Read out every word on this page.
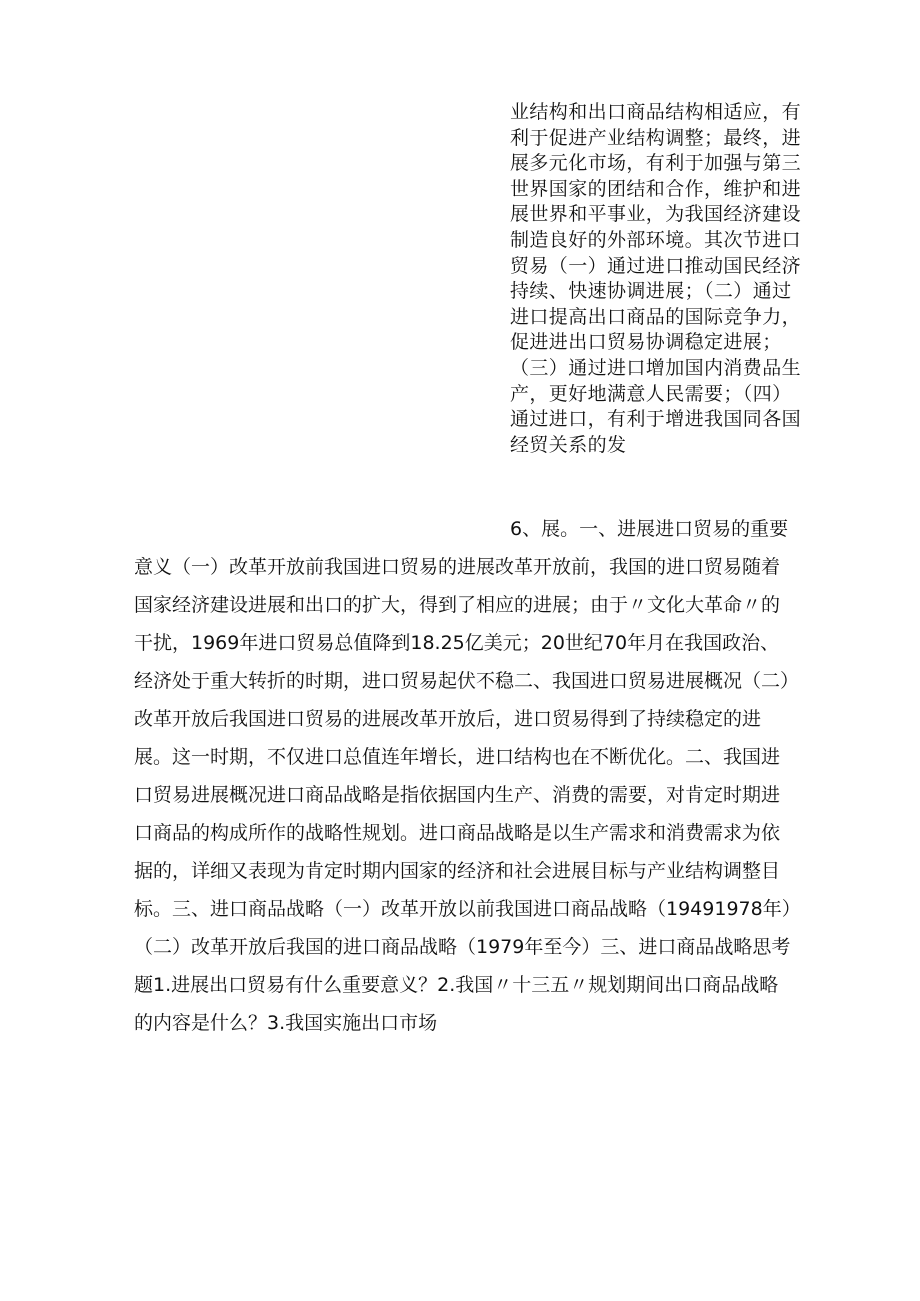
业结构和出口商品结构相适应，有利于促进产业结构调整；最终，进展多元化市场，有利于加强与第三世界国家的团结和合作，维护和进展世界和平事业，为我国经济建设制造良好的外部环境。其次节进口贸易（一）通过进口推动国民经济持续、快速协调进展；（二）通过进口提高出口商品的国际竞争力，促进进出口贸易协调稳定进展；（三）通过进口增加国内消费品生产，更好地满意人民需要；（四）通过进口，有利于增进我国同各国经贸关系的发

6、展。一、进展进口贸易的重要意义（一）改革开放前我国进口贸易的进展改革开放前，我国的进口贸易随着国家经济建设进展和出口的扩大，得到了相应的进展；由于〃文化大革命〃的干扰，1969年进口贸易总值降到18.25亿美元；20世纪70年月在我国政治、经济处于重大转折的时期，进口贸易起伏不稳二、我国进口贸易进展概况（二）改革开放后我国进口贸易的进展改革开放后，进口贸易得到了持续稳定的进展。这一时期，不仅进口总值连年增长，进口结构也在不断优化。二、我国进口贸易进展概况进口商品战略是指依据国内生产、消费的需要，对肯定时期进口商品的构成所作的战略性规划。进口商品战略是以生产需求和消费需求为依据的，详细又表现为肯定时期内国家的经济和社会进展目标与产业结构调整目标。三、进口商品战略（一）改革开放以前我国进口商品战略（19491978年）（二）改革开放后我国的进口商品战略（1979年至今）三、进口商品战略思考题1.进展出口贸易有什么重要意义？2.我国〃十三五〃规划期间出口商品战略的内容是什么？3.我国实施出口市场
